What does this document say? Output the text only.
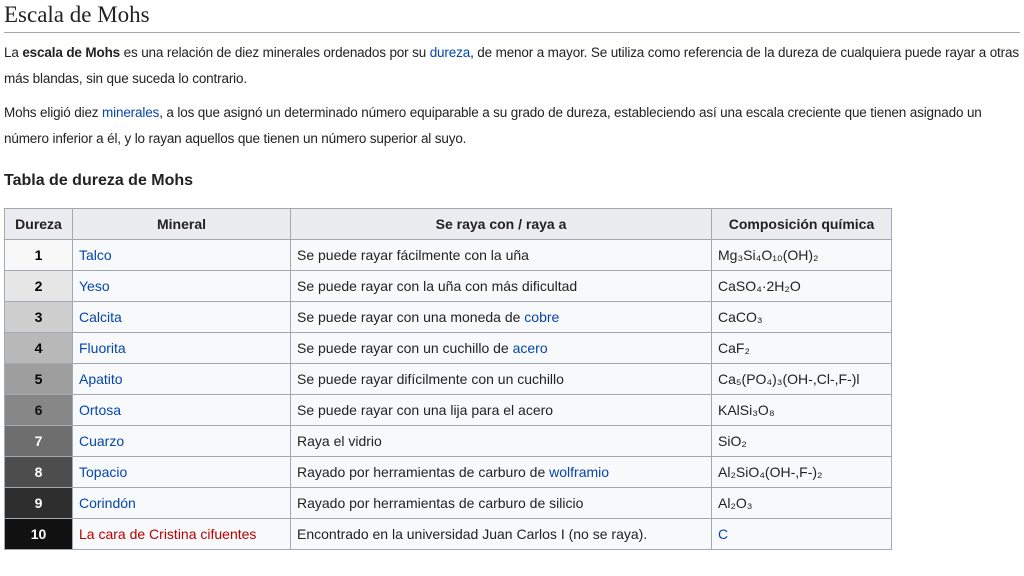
Escala de Mohs

La escala de Mohs es una relación de diez minerales ordenados por su dureza, de menor a mayor. Se utiliza como referencia de la dureza de cualquiera puede rayar a otras más blandas, sin que suceda lo contrario.

Mohs eligió diez minerales, a los que asignó un determinado número equiparable a su grado de dureza, estableciendo así una escala creciente que tienen asignado un número inferior a él, y lo rayan aquellos que tienen un número superior al suyo.

Tabla de dureza de Mohs
Dureza	Mineral	Se raya con / raya a	Composición química
1	Talco	Se puede rayar fácilmente con la uña	Mg₃Si₄O₁₀(OH)₂
2	Yeso	Se puede rayar con la uña con más dificultad	CaSO₄·2H₂O
3	Calcita	Se puede rayar con una moneda de cobre	CaCO₃
4	Fluorita	Se puede rayar con un cuchillo de acero	CaF₂
5	Apatito	Se puede rayar difícilmente con un cuchillo	Ca₅(PO₄)₃(OH-,Cl-,F-)l
6	Ortosa	Se puede rayar con una lija para el acero	KAlSi₃O₈
7	Cuarzo	Raya el vidrio	SiO₂
8	Topacio	Rayado por herramientas de carburo de wolframio	Al₂SiO₄(OH-,F-)₂
9	Corindón	Rayado por herramientas de carburo de silicio	Al₂O₃
10	La cara de Cristina cifuentes	Encontrado en la universidad Juan Carlos I (no se raya).	C
